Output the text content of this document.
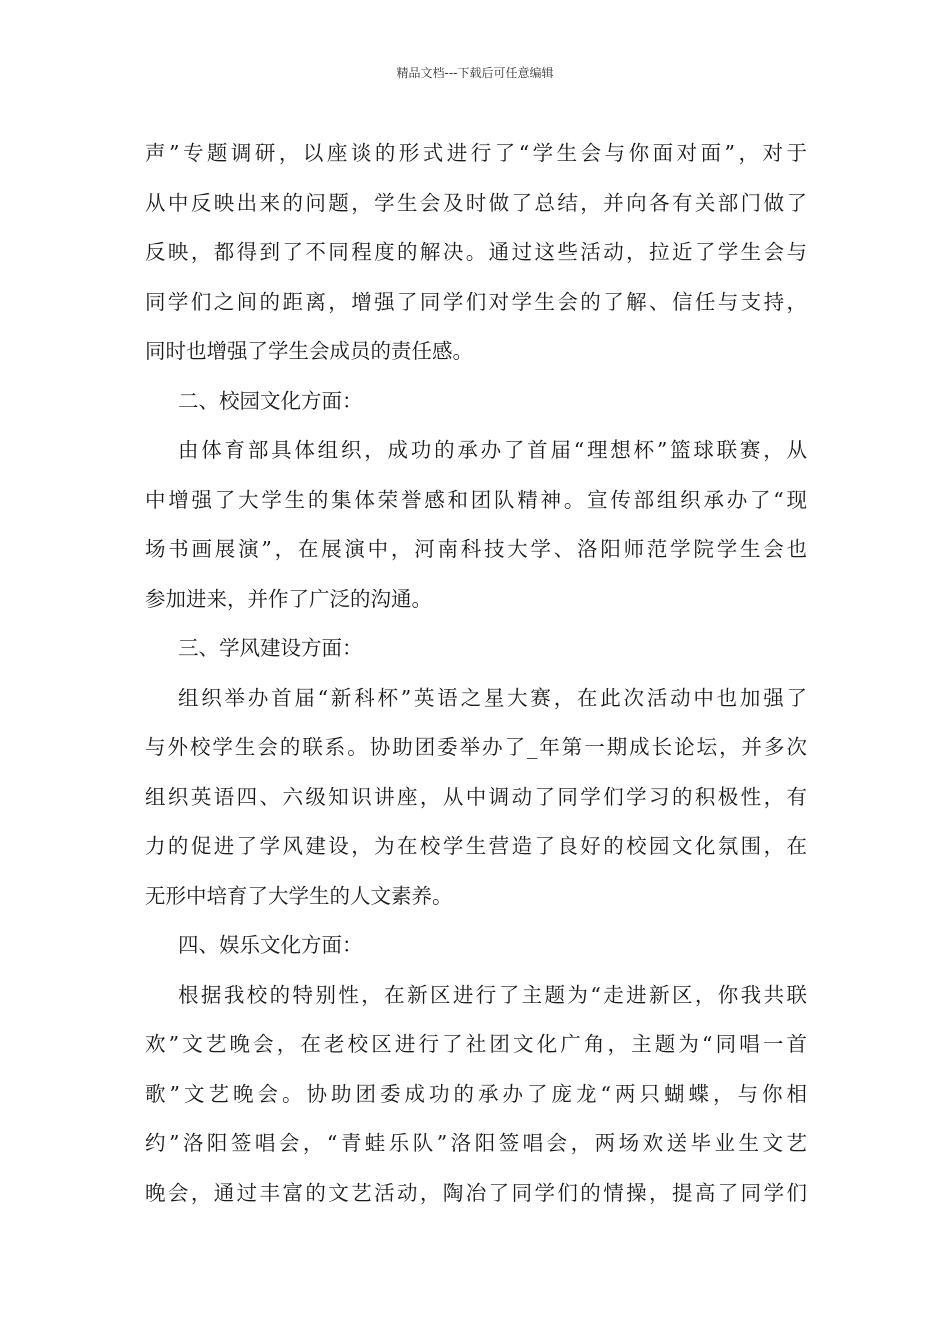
精品文档---下载后可任意编辑
声”专题调研，以座谈的形式进行了“学生会与你面对面”，对于
从中反映出来的问题，学生会及时做了总结，并向各有关部门做了
反映，都得到了不同程度的解决。通过这些活动，拉近了学生会与
同学们之间的距离，增强了同学们对学生会的了解、信任与支持，
同时也增强了学生会成员的责任感。
二、校园文化方面：
由体育部具体组织，成功的承办了首届“理想杯”篮球联赛，从
中增强了大学生的集体荣誉感和团队精神。宣传部组织承办了“现
场书画展演”，在展演中，河南科技大学、洛阳师范学院学生会也
参加进来，并作了广泛的沟通。
三、学风建设方面：
组织举办首届“新科杯”英语之星大赛，在此次活动中也加强了
与外校学生会的联系。协助团委举办了_年第一期成长论坛，并多次
组织英语四、六级知识讲座，从中调动了同学们学习的积极性，有
力的促进了学风建设，为在校学生营造了良好的校园文化氛围，在
无形中培育了大学生的人文素养。
四、娱乐文化方面：
根据我校的特别性，在新区进行了主题为“走进新区，你我共联
欢”文艺晚会，在老校区进行了社团文化广角，主题为“同唱一首
歌”文艺晚会。协助团委成功的承办了庞龙“两只蝴蝶，与你相
约”洛阳签唱会，“青蛙乐队”洛阳签唱会，两场欢送毕业生文艺
晚会，通过丰富的文艺活动，陶冶了同学们的情操，提高了同学们
